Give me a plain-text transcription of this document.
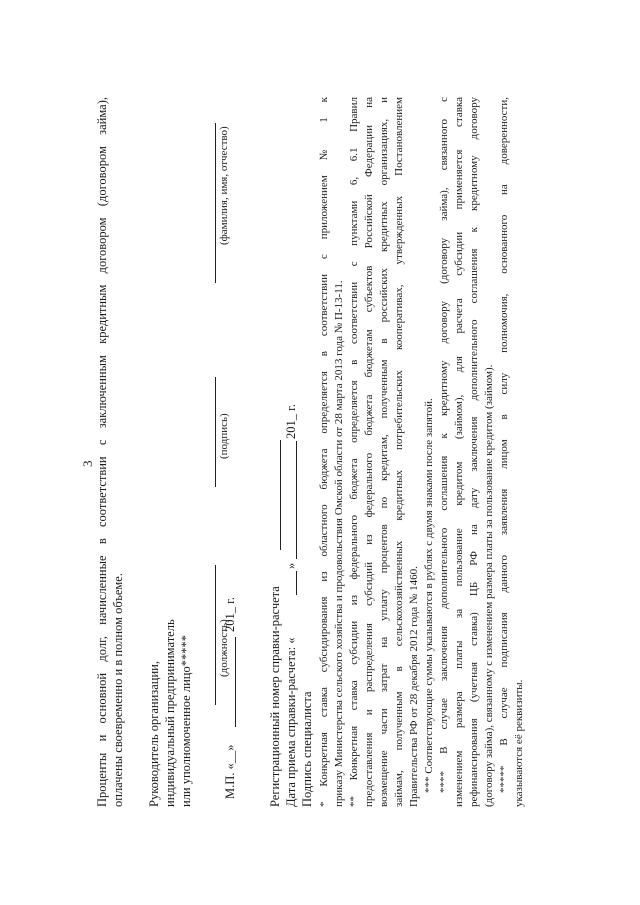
3 Проценты и основной долг, начисленные в соответствии с заключенным кредитным договором (договором займа), оплачены своевременно и в полном объеме. Руководитель организации, индивидуальный предприниматель или уполномоченное лицо***** М.П. «__»
201_ г.
(должность)
(подпись)
(фамилия, имя, отчество)
Регистрационный номер справки-расчета Дата приема справки-расчета: «
»
201_ г.
Подпись специалиста * Конкретная ставка субсидирования из областного бюджета определяется в соответствии с приложением № 1 к приказу Министерства сельского хозяйства и продовольствия Омской области от 28 марта 2013 года № П-13-11. ** Конкретная ставка субсидии из федерального бюджета определяется в соответствии с пунктами 6, 6.1 Правил предоставления и распределения субсидий из федерального бюджета бюджетам субъектов Российской Федерации на возмещение части затрат на уплату процентов по кредитам, полученным в российских кредитных организациях, и займам, полученным в сельскохозяйственных кредитных потребительских кооперативах, утвержденных Постановлением Правительства РФ от 28 декабря 2012 года № 1460. *** Соответствующие суммы указываются в рублях с двумя знаками после запятой. **** В случае заключения дополнительного соглашения к кредитному договору (договору займа), связанного с изменением размера платы за пользование кредитом (займом), для расчета субсидии применяется ставка рефинансирования (учетная ставка) ЦБ РФ на дату заключения дополнительного соглашения к кредитному договору (договору займа), связанному с изменением размера платы за пользование кредитом (займом). ***** В случае подписания данного заявления лицом в силу полномочия, основанного на доверенности, указываются её реквизиты.
